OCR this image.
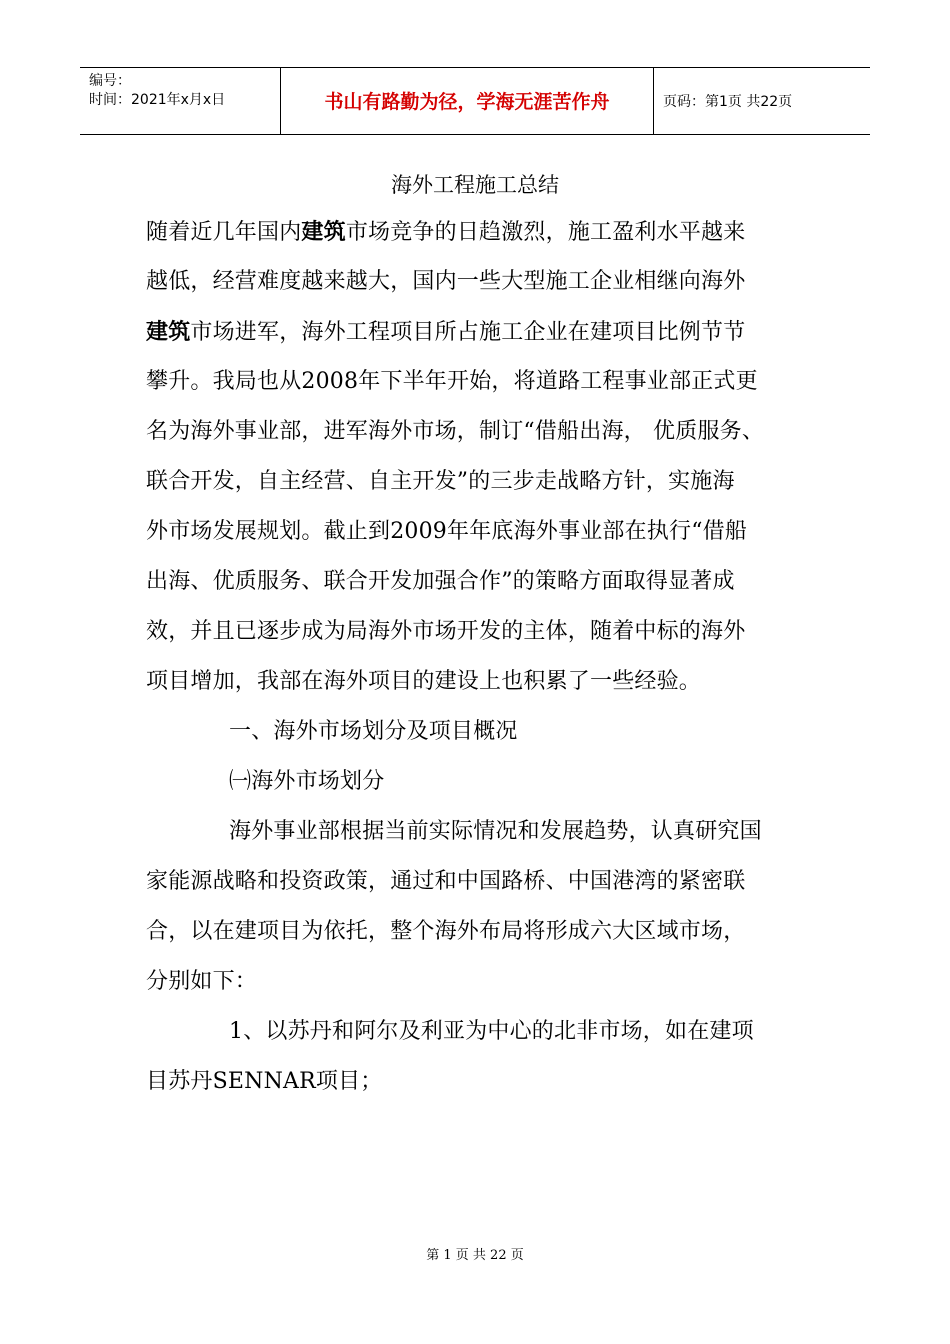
编号：
时间：2021年x月x日	书山有路勤为径，学海无涯苦作舟	页码：第1页 共22页
海外工程施工总结
随着近几年国内建筑市场竞争的日趋激烈，施工盈利水平越来
越低，经营难度越来越大，国内一些大型施工企业相继向海外
建筑市场进军，海外工程项目所占施工企业在建项目比例节节
攀升。我局也从2008年下半年开始，将道路工程事业部正式更
名为海外事业部，进军海外市场，制订“借船出海， 优质服务、
联合开发，自主经营、自主开发”的三步走战略方针，实施海
外市场发展规划。截止到2009年年底海外事业部在执行“借船
出海、优质服务、联合开发加强合作”的策略方面取得显著成
效，并且已逐步成为局海外市场开发的主体，随着中标的海外
项目增加，我部在海外项目的建设上也积累了一些经验。
一、海外市场划分及项目概况
㈠海外市场划分
海外事业部根据当前实际情况和发展趋势，认真研究国
家能源战略和投资政策，通过和中国路桥、中国港湾的紧密联
合，以在建项目为依托，整个海外布局将形成六大区域市场，
分别如下：
1、以苏丹和阿尔及利亚为中心的北非市场，如在建项
目苏丹SENNAR项目；
第 1 页 共 22 页
